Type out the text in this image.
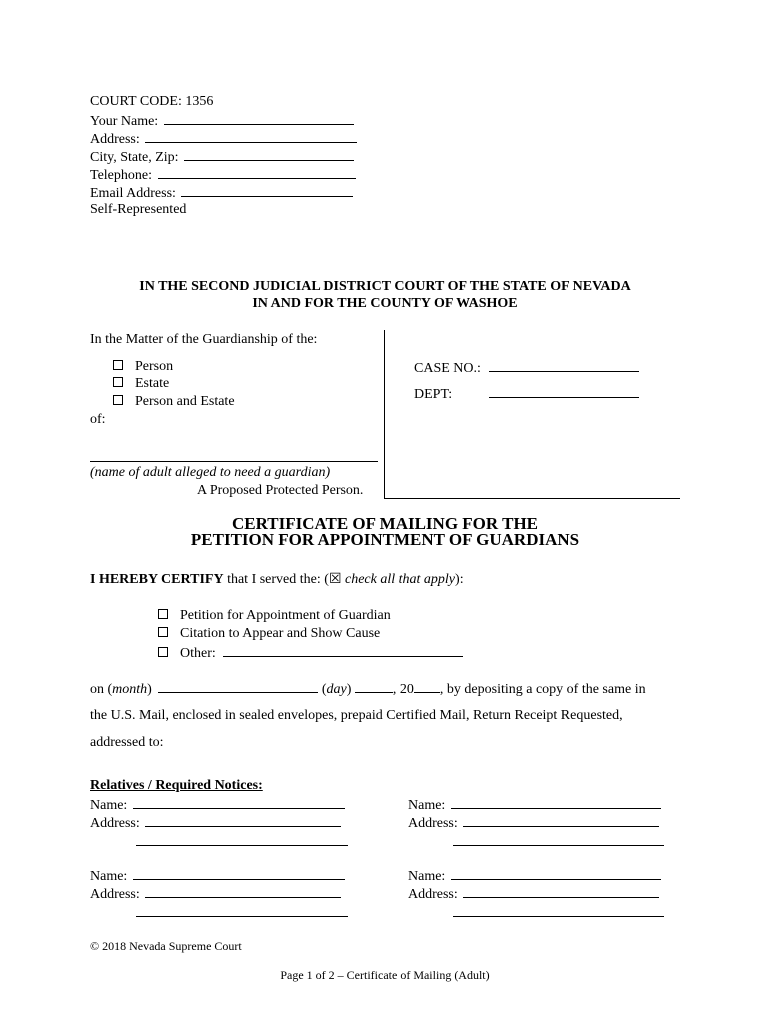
COURT CODE: 1356
Your Name:
Address:
City, State, Zip:
Telephone:
Email Address:
Self-Represented
IN THE SECOND JUDICIAL DISTRICT COURT OF THE STATE OF NEVADA
IN AND FOR THE COUNTY OF WASHOE
In the Matter of the Guardianship of the:
Person
Estate
Person and Estate
of:
(name of adult alleged to need a guardian)
A Proposed Protected Person.
CASE NO.:
DEPT:
CERTIFICATE OF MAILING FOR THE
PETITION FOR APPOINTMENT OF GUARDIANS
I HEREBY CERTIFY that I served the: (☒ check all that apply):
Petition for Appointment of Guardian
Citation to Appear and Show Cause
Other:
on (month)	(day)	, 20 , by depositing a copy of the same in
the U.S. Mail, enclosed in sealed envelopes, prepaid Certified Mail, Return Receipt Requested,
addressed to:
Relatives / Required Notices:
Name:
Address:
Name:
Address:
Name:
Address:
Name:
Address:
© 2018 Nevada Supreme Court
Page 1 of 2 – Certificate of Mailing (Adult)
